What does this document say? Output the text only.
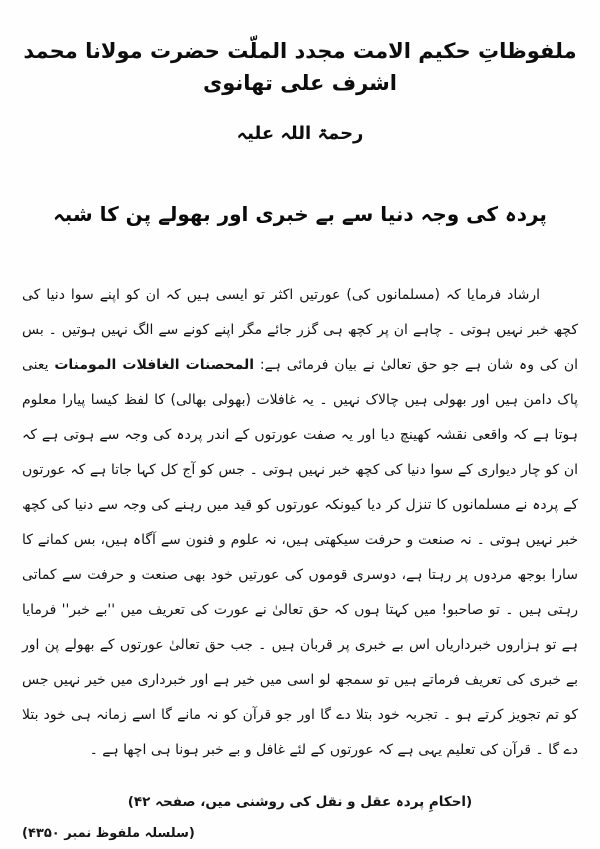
ملفوظاتِ حکیم الامت مجدد الملّت حضرت مولانا محمد اشرف علی تھانوی
رحمۃ اللہ علیہ
پردہ کی وجہ دنیا سے بے خبری اور بھولے پن کا شبہ

ارشاد فرمایا کہ (مسلمانوں کی) عورتیں اکثر تو ایسی ہیں کہ ان کو اپنے سوا دنیا کی کچھ خبر نہیں ہوتی ۔ چاہے ان پر کچھ ہی گزر جائے مگر اپنے کونے سے الگ نہیں ہوتیں ۔ بس ان کی وہ شان ہے جو حق تعالیٰ نے بیان فرمائی ہے: المحصنات الغافلات المومنات یعنی پاک دامن ہیں اور بھولی ہیں چالاک نہیں ۔ یہ غافلات (بھولی بھالی) کا لفظ کیسا پیارا معلوم ہوتا ہے کہ واقعی نقشہ کھینچ دیا اور یہ صفت عورتوں کے اندر پردہ کی وجہ سے ہوتی ہے کہ ان کو چار دیواری کے سوا دنیا کی کچھ خبر نہیں ہوتی ۔ جس کو آج کل کہا جاتا ہے کہ عورتوں کے پردہ نے مسلمانوں کا تنزل کر دیا کیونکہ عورتوں کو قید میں رہنے کی وجہ سے دنیا کی کچھ خبر نہیں ہوتی ۔ نہ صنعت و حرفت سیکھتی ہیں، نہ علوم و فنون سے آگاہ ہیں، بس کمانے کا سارا بوجھ مردوں پر رہتا ہے، دوسری قوموں کی عورتیں خود بھی صنعت و حرفت سے کماتی رہتی ہیں ۔ تو صاحبو! میں کہتا ہوں کہ حق تعالیٰ نے عورت کی تعریف میں ''بے خبر'' فرمایا ہے تو ہزاروں خبرداریاں اس بے خبری پر قربان ہیں ۔ جب حق تعالیٰ عورتوں کے بھولے پن اور بے خبری کی تعریف فرماتے ہیں تو سمجھ لو اسی میں خیر ہے اور خبرداری میں خیر نہیں جس کو تم تجویز کرتے ہو ۔ تجربہ خود بتلا دے گا اور جو قرآن کو نہ مانے گا اسے زمانہ ہی خود بتلا دے گا ۔ قرآن کی تعلیم یہی ہے کہ عورتوں کے لئے غافل و بے خبر ہونا ہی اچھا ہے ۔

(احکامِ پردہ عقل و نقل کی روشنی میں، صفحہ ۴۲)
(سلسلہ ملفوظ نمبر ۴۳۵۰)
